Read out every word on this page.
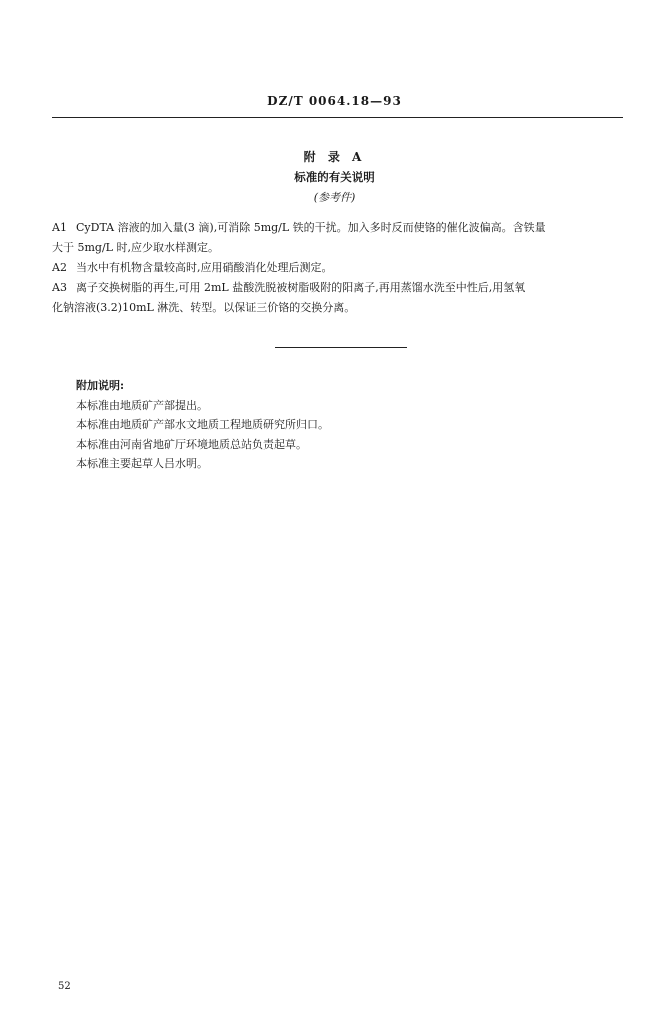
DZ/T 0064.18—93
附 录 A
标准的有关说明
(参考件)

A1 CyDTA 溶液的加入量(3 滴),可消除 5mg/L 铁的干扰。加入多时反而使铬的催化波偏高。含铁量

大于 5mg/L 时,应少取水样测定。

A2 当水中有机物含量较高时,应用硝酸消化处理后测定。

A3 离子交换树脂的再生,可用 2mL 盐酸洗脱被树脂吸附的阳离子,再用蒸馏水洗至中性后,用氢氧

化钠溶液(3.2)10mL 淋洗、转型。以保证三价铬的交换分离。

附加说明:

本标准由地质矿产部提出。

本标准由地质矿产部水文地质工程地质研究所归口。

本标准由河南省地矿厅环境地质总站负责起草。

本标准主要起草人吕水明。

52
